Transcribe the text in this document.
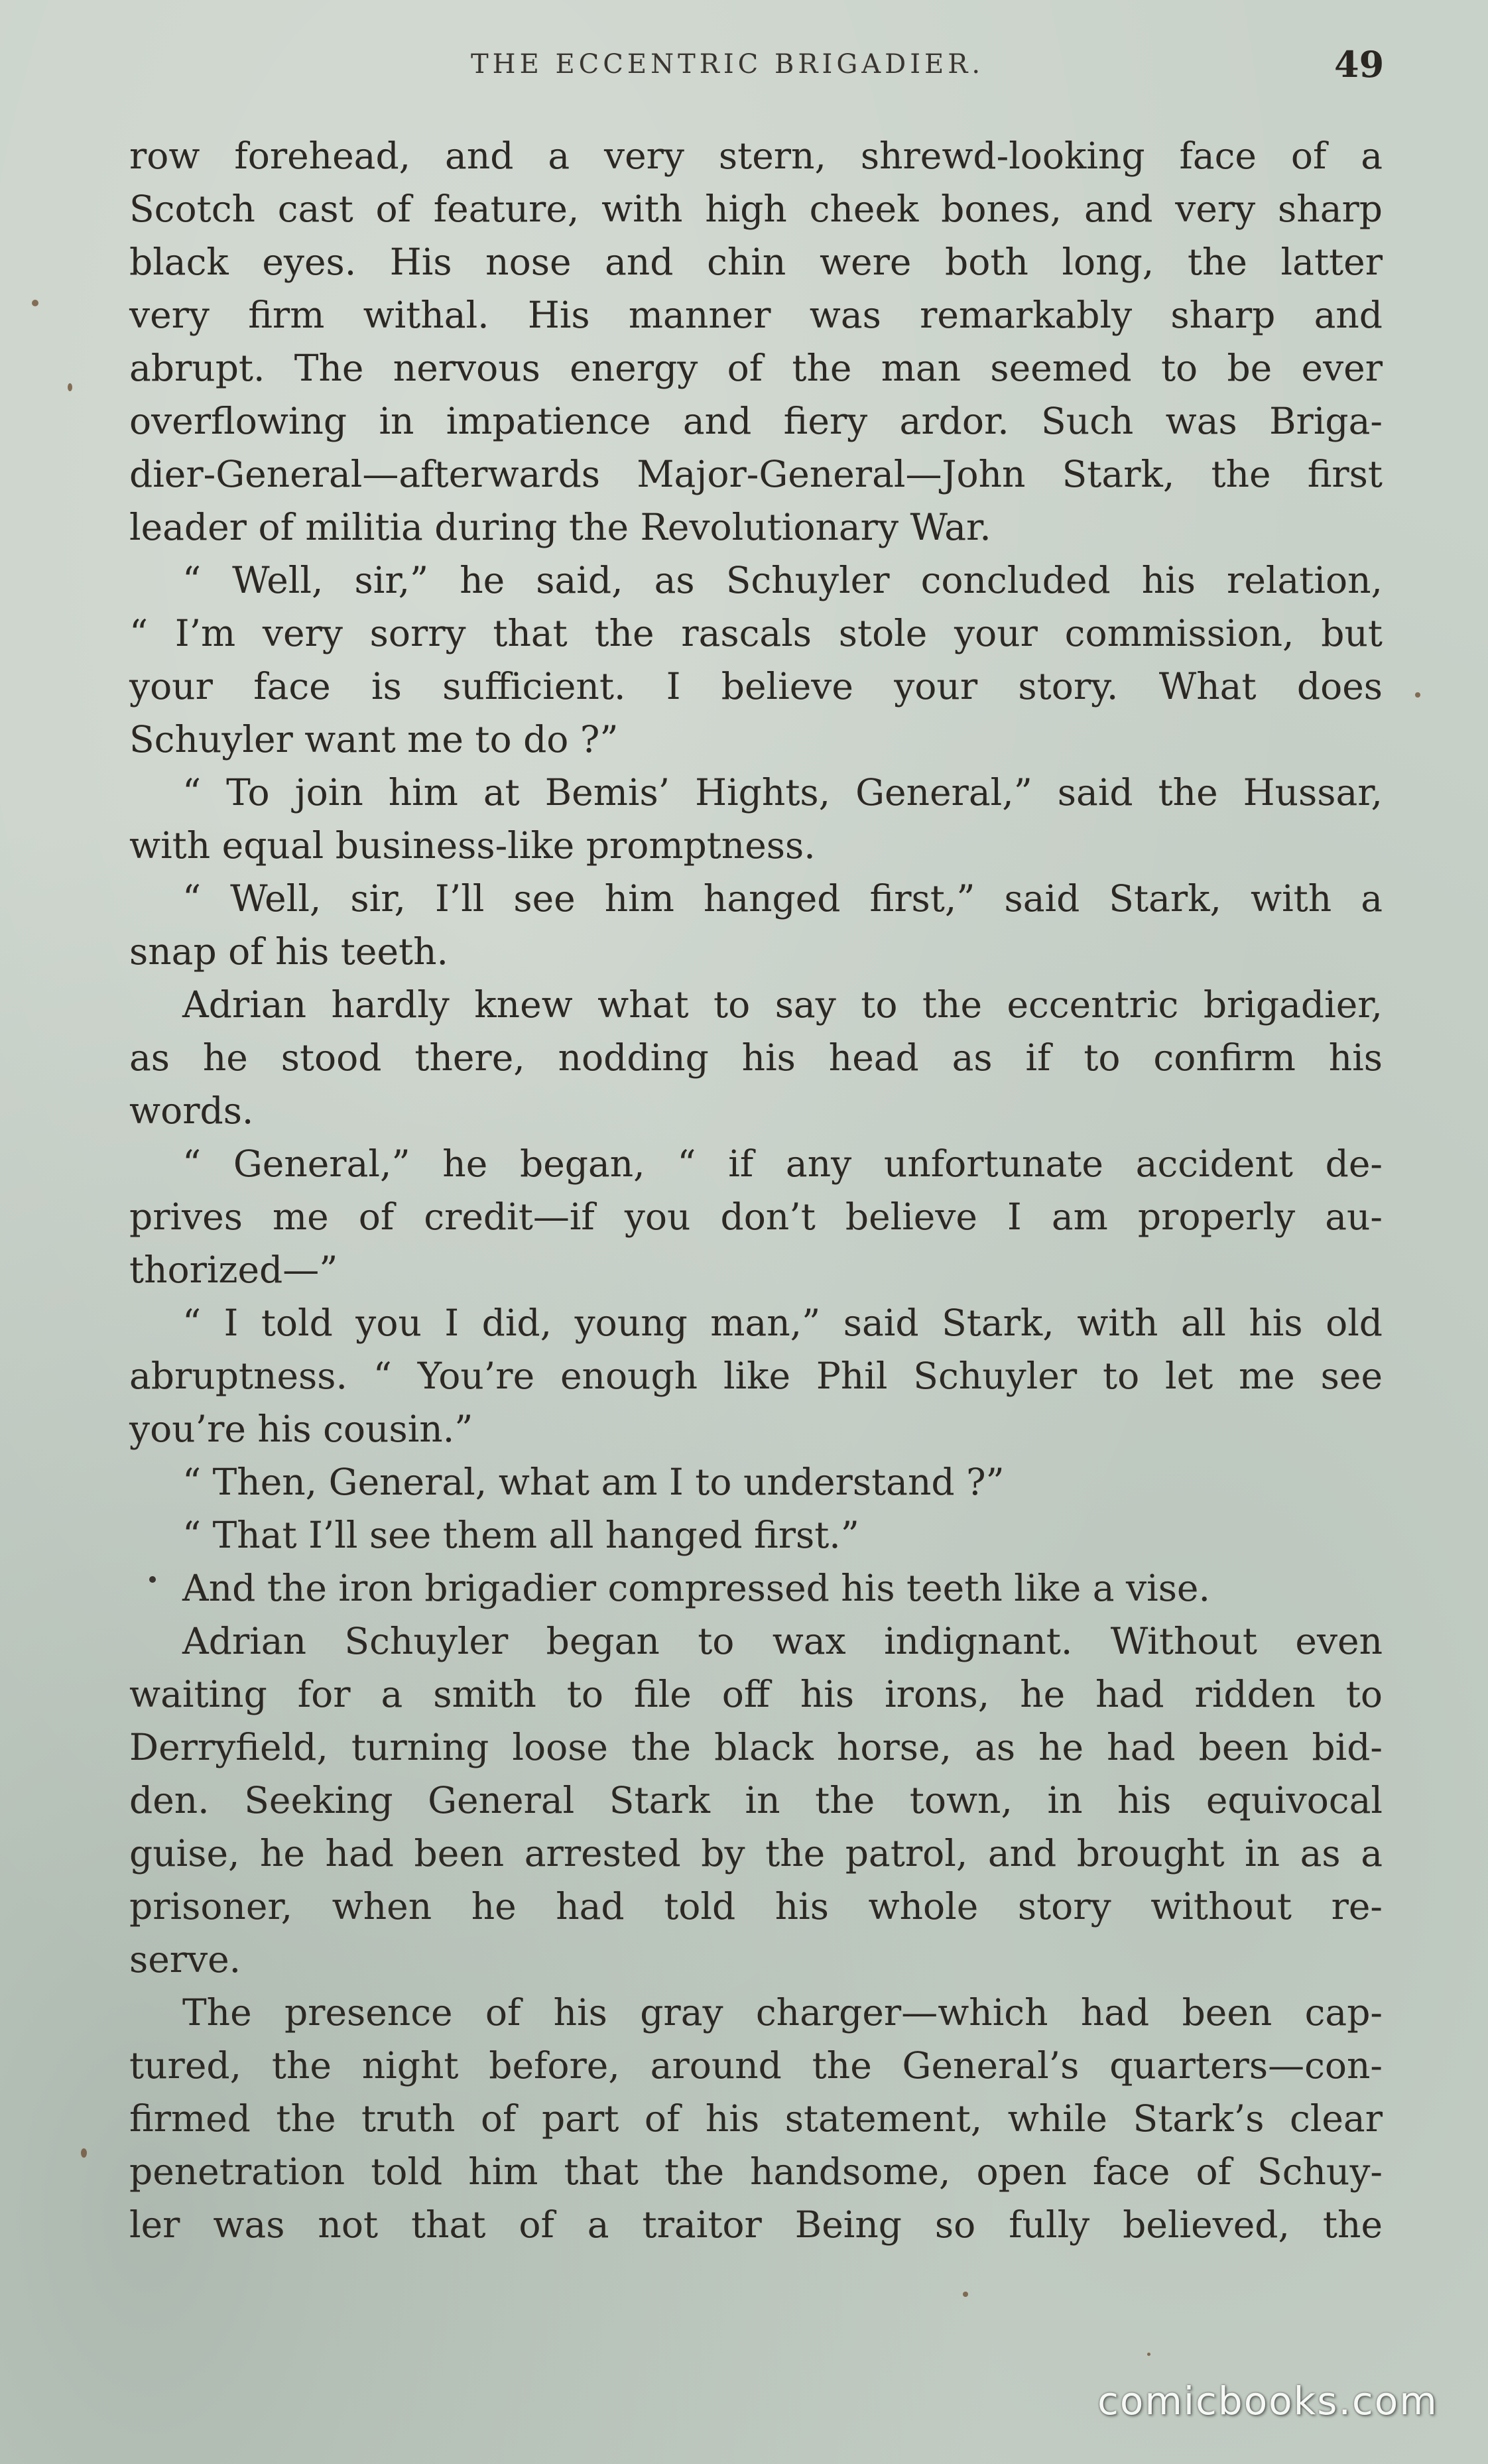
THE ECCENTRIC BRIGADIER.	49
row forehead, and a very stern, shrewd-looking face of a
Scotch cast of feature, with high cheek bones, and very sharp
black eyes. His nose and chin were both long, the latter
very firm withal. His manner was remarkably sharp and
abrupt. The nervous energy of the man seemed to be ever
overflowing in impatience and fiery ardor. Such was Briga-
dier-General—afterwards Major-General—John Stark, the first
leader of militia during the Revolutionary War.
“ Well, sir,” he said, as Schuyler concluded his relation,
“ I’m very sorry that the rascals stole your commission, but
your face is sufficient. I believe your story. What does
Schuyler want me to do ?”
“ To join him at Bemis’ Hights, General,” said the Hussar,
with equal business-like promptness.
“ Well, sir, I’ll see him hanged first,” said Stark, with a
snap of his teeth.
Adrian hardly knew what to say to the eccentric brigadier,
as he stood there, nodding his head as if to confirm his
words.
“ General,” he began, “ if any unfortunate accident de-
prives me of credit—if you don’t believe I am properly au-
thorized—”
“ I told you I did, young man,” said Stark, with all his old
abruptness. “ You’re enough like Phil Schuyler to let me see
you’re his cousin.”
“ Then, General, what am I to understand ?”
“ That I’ll see them all hanged first.”
And the iron brigadier compressed his teeth like a vise.
Adrian Schuyler began to wax indignant. Without even
waiting for a smith to file off his irons, he had ridden to
Derryfield, turning loose the black horse, as he had been bid-
den. Seeking General Stark in the town, in his equivocal
guise, he had been arrested by the patrol, and brought in as a
prisoner, when he had told his whole story without re-
serve.
The presence of his gray charger—which had been cap-
tured, the night before, around the General’s quarters—con-
firmed the truth of part of his statement, while Stark’s clear
penetration told him that the handsome, open face of Schuy-
ler was not that of a traitor Being so fully believed, the
comicbooks.com
